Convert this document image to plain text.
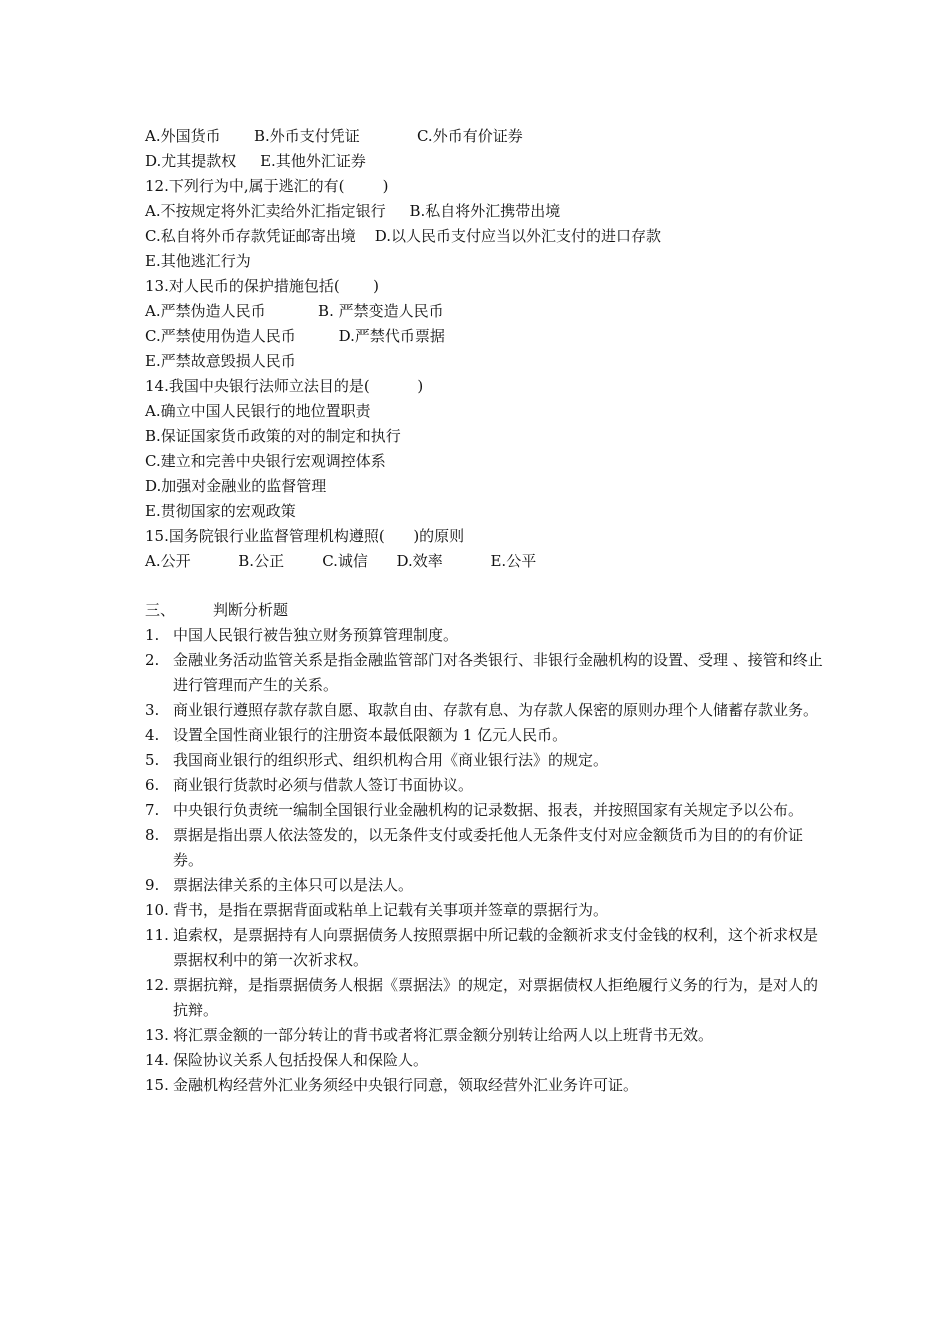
A.外国货币       B.外币支付凭证            C.外币有价证券
D.尤其提款权     E.其他外汇证券
12.下列行为中,属于逃汇的有(        )
A.不按规定将外汇卖给外汇指定银行     B.私自将外汇携带出境
C.私自将外币存款凭证邮寄出境    D.以人民币支付应当以外汇支付的进口存款
E.其他逃汇行为
13.对人民币的保护措施包括(       )
A.严禁伪造人民币           B. 严禁变造人民币
C.严禁使用伪造人民币         D.严禁代币票据
E.严禁故意毁损人民币
14.我国中央银行法师立法目的是(          )
A.确立中国人民银行的地位置职责
B.保证国家货币政策的对的制定和执行
C.建立和完善中央银行宏观调控体系
D.加强对金融业的监督管理
E.贯彻国家的宏观政策
15.国务院银行业监督管理机构遵照(      )的原则
A.公开          B.公正        C.诚信      D.效率          E.公平
三、	判断分析题
1. 中国人民银行被告独立财务预算管理制度。
2. 金融业务活动监管关系是指金融监管部门对各类银行、非银行金融机构的设置、受理 、接管和终止进行管理而产生的关系。
3. 商业银行遵照存款存款自愿、取款自由、存款有息、为存款人保密的原则办理个人储蓄存款业务。
4. 设置全国性商业银行的注册资本最低限额为 1 亿元人民币。
5. 我国商业银行的组织形式、组织机构合用《商业银行法》的规定。
6. 商业银行货款时必须与借款人签订书面协议。
7. 中央银行负责统一编制全国银行业金融机构的记录数据、报表，并按照国家有关规定予以公布。
8. 票据是指出票人依法签发的，以无条件支付或委托他人无条件支付对应金额货币为目的的有价证券。
9. 票据法律关系的主体只可以是法人。
10. 背书，是指在票据背面或粘单上记载有关事项并签章的票据行为。
11. 追索权，是票据持有人向票据债务人按照票据中所记载的金额祈求支付金钱的权利，这个祈求权是票据权利中的第一次祈求权。
12. 票据抗辩，是指票据债务人根据《票据法》的规定，对票据债权人拒绝履行义务的行为，是对人的抗辩。
13. 将汇票金额的一部分转让的背书或者将汇票金额分别转让给两人以上班背书无效。
14. 保险协议关系人包括投保人和保险人。
15. 金融机构经营外汇业务须经中央银行同意，领取经营外汇业务许可证。
